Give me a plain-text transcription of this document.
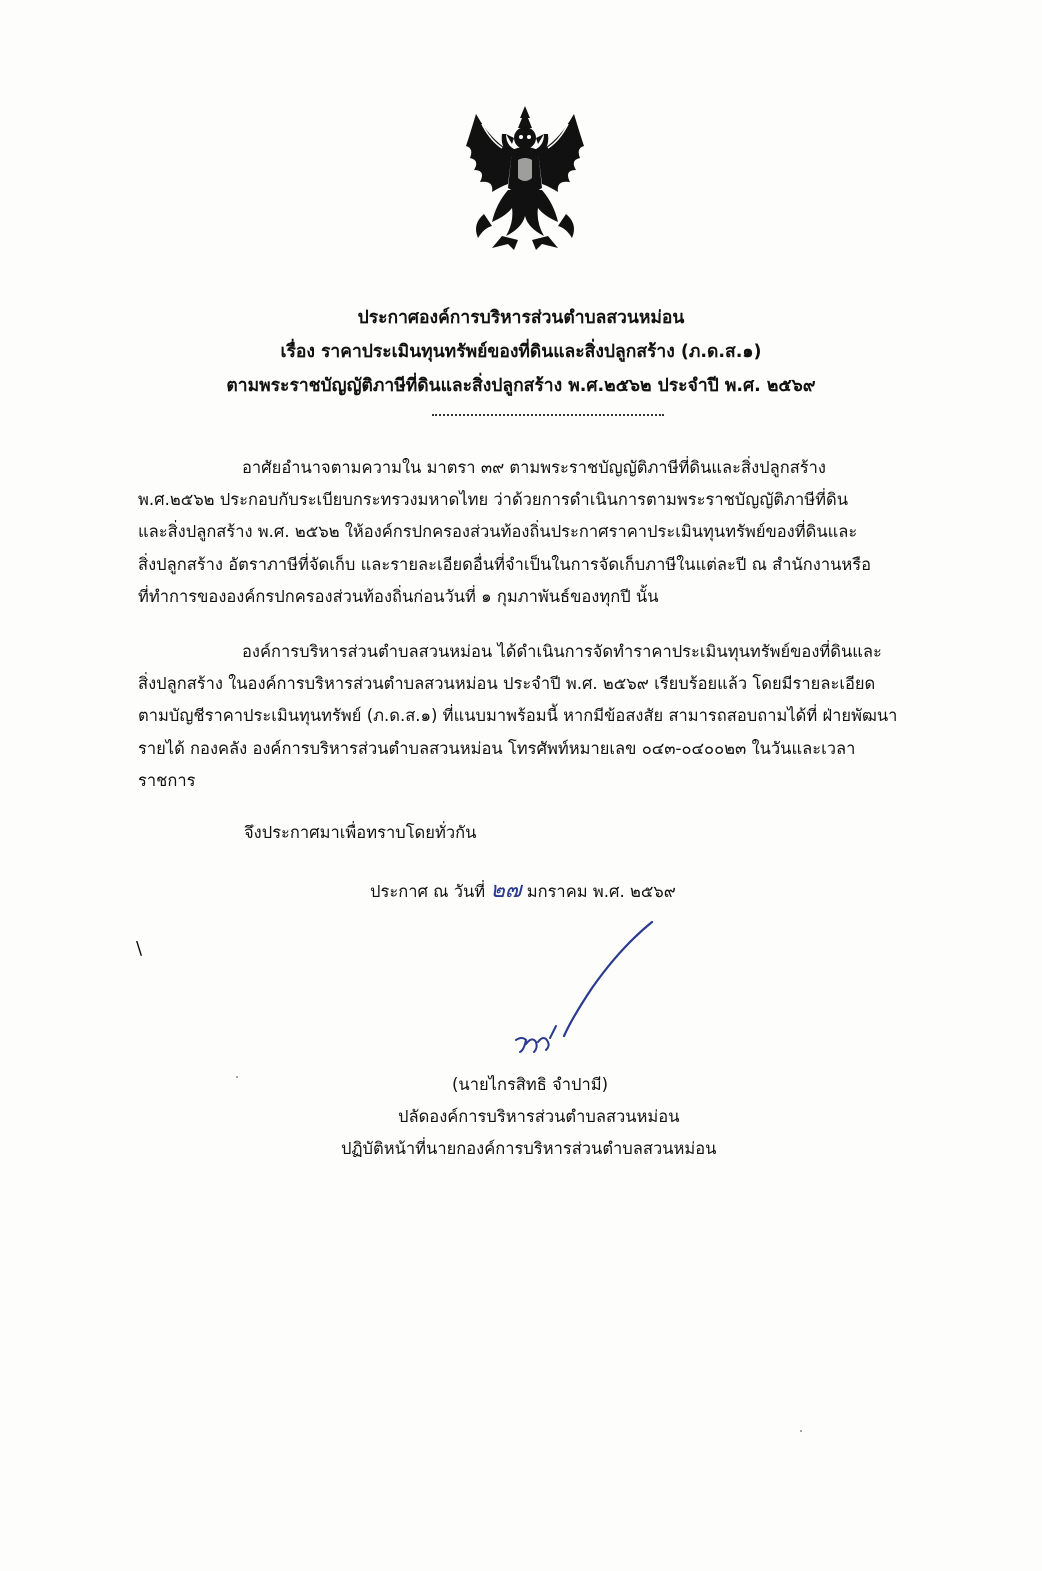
ประกาศองค์การบริหารส่วนตำบลสวนหม่อน
เรื่อง ราคาประเมินทุนทรัพย์ของที่ดินและสิ่งปลูกสร้าง (ภ.ด.ส.๑)
ตามพระราชบัญญัติภาษีที่ดินและสิ่งปลูกสร้าง พ.ศ.๒๕๖๒ ประจำปี พ.ศ. ๒๕๖๙
อาศัยอำนาจตามความใน มาตรา ๓๙ ตามพระราชบัญญัติภาษีที่ดินและสิ่งปลูกสร้าง
พ.ศ.๒๕๖๒ ประกอบกับระเบียบกระทรวงมหาดไทย ว่าด้วยการดำเนินการตามพระราชบัญญัติภาษีที่ดิน
และสิ่งปลูกสร้าง พ.ศ. ๒๕๖๒ ให้องค์กรปกครองส่วนท้องถิ่นประกาศราคาประเมินทุนทรัพย์ของที่ดินและ
สิ่งปลูกสร้าง อัตราภาษีที่จัดเก็บ และรายละเอียดอื่นที่จำเป็นในการจัดเก็บภาษีในแต่ละปี ณ สำนักงานหรือ
ที่ทำการขององค์กรปกครองส่วนท้องถิ่นก่อนวันที่ ๑ กุมภาพันธ์ของทุกปี นั้น
องค์การบริหารส่วนตำบลสวนหม่อน ได้ดำเนินการจัดทำราคาประเมินทุนทรัพย์ของที่ดินและ
สิ่งปลูกสร้าง ในองค์การบริหารส่วนตำบลสวนหม่อน ประจำปี พ.ศ. ๒๕๖๙ เรียบร้อยแล้ว โดยมีรายละเอียด
ตามบัญชีราคาประเมินทุนทรัพย์ (ภ.ด.ส.๑) ที่แนบมาพร้อมนี้ หากมีข้อสงสัย สามารถสอบถามได้ที่ ฝ่ายพัฒนา
รายได้ กองคลัง องค์การบริหารส่วนตำบลสวนหม่อน โทรศัพท์หมายเลข ๐๔๓-๐๔๐๐๒๓ ในวันและเวลา
ราชการ
จึงประกาศมาเพื่อทราบโดยทั่วกัน
ประกาศ ณ วันที่ ๒๗ มกราคม พ.ศ. ๒๕๖๙
\
(นายไกรสิทธิ จำปามี)
ปลัดองค์การบริหารส่วนตำบลสวนหม่อน
ปฏิบัติหน้าที่นายกองค์การบริหารส่วนตำบลสวนหม่อน
